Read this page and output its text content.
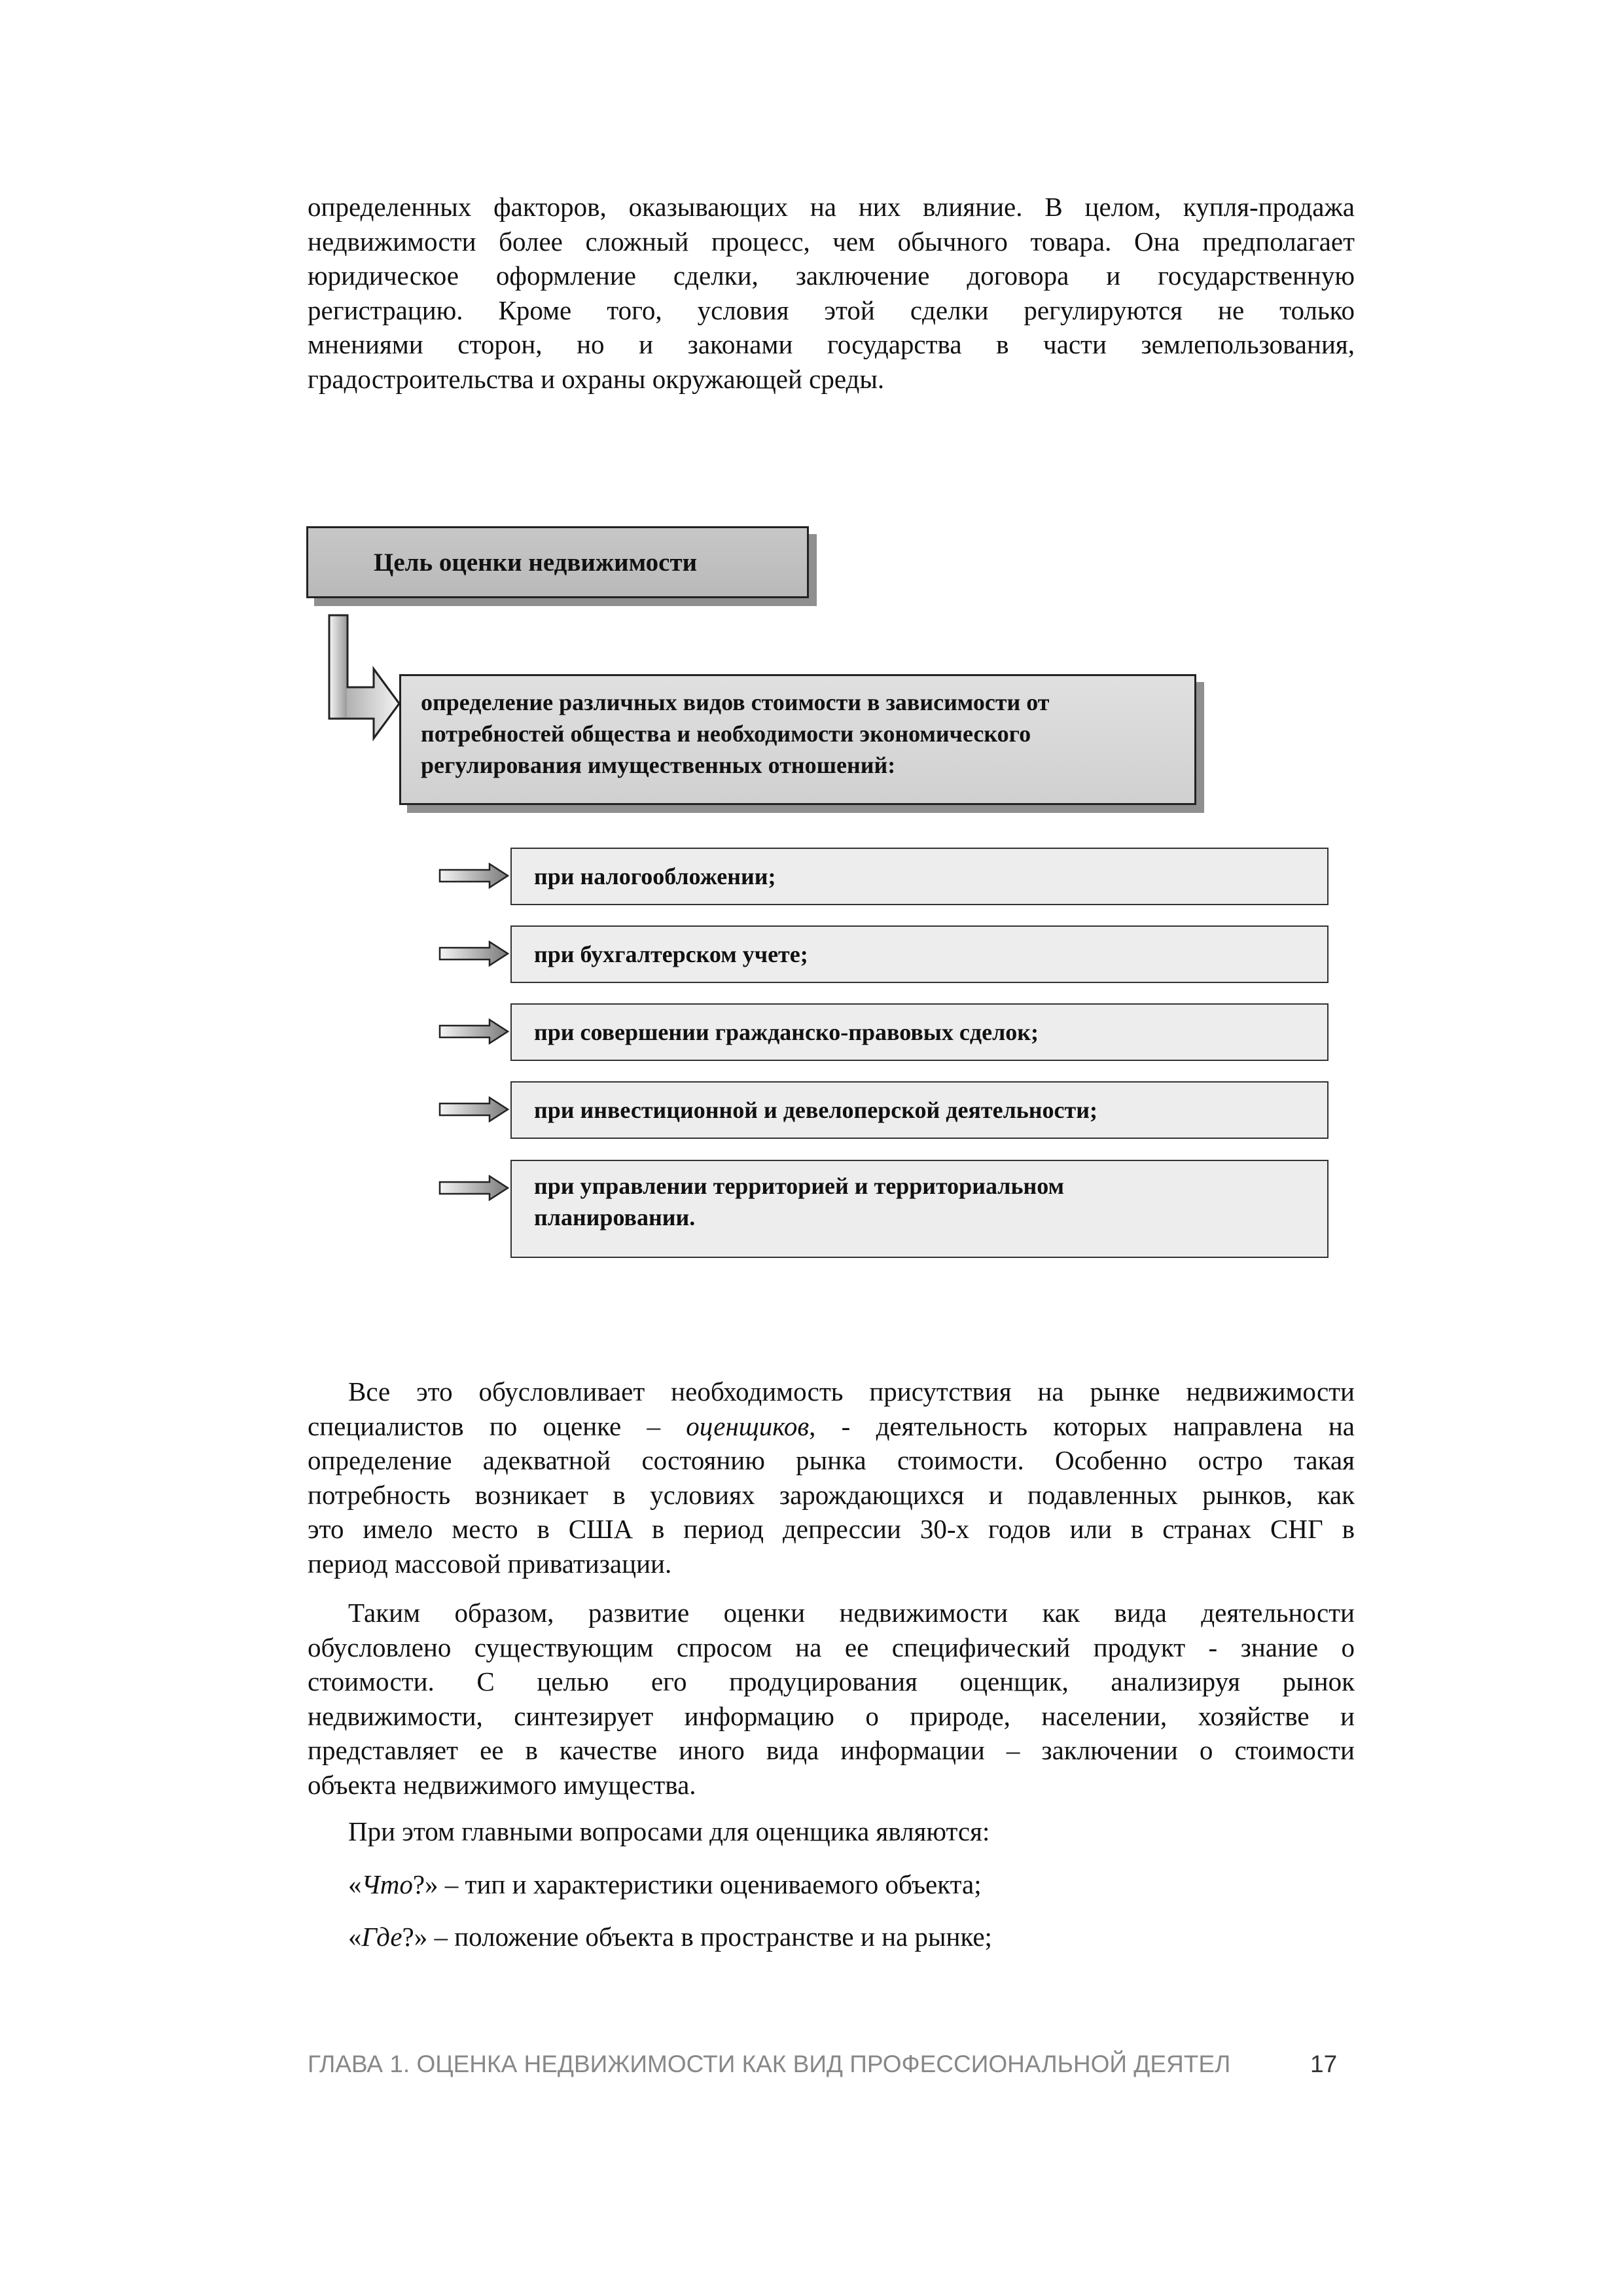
определенных факторов, оказывающих на них влияние. В целом, купля-продажа
недвижимости более сложный процесс, чем обычного товара. Она предполагает
юридическое оформление сделки, заключение договора и государственную
регистрацию. Кроме того, условия этой сделки регулируются не только
мнениями сторон, но и законами государства в части землепользования,
градостроительства и охраны окружающей среды.
Цель оценки недвижимости
определение различных видов стоимости в зависимости от
потребностей общества и необходимости экономического
регулирования имущественных отношений:
при налогообложении;
при бухгалтерском учете;
при совершении гражданско-правовых сделок;
при инвестиционной и девелоперской деятельности;
при управлении территорией и территориальном
планировании.
Все это обусловливает необходимость присутствия на рынке недвижимости
специалистов по оценке – оценщиков, - деятельность которых направлена на
определение адекватной состоянию рынка стоимости. Особенно остро такая
потребность возникает в условиях зарождающихся и подавленных рынков, как
это имело место в США в период депрессии 30-х годов или в странах СНГ в
период массовой приватизации.
Таким образом, развитие оценки недвижимости как вида деятельности
обусловлено существующим спросом на ее специфический продукт - знание о
стоимости. С целью его продуцирования оценщик, анализируя рынок
недвижимости, синтезирует информацию о природе, населении, хозяйстве и
представляет ее в качестве иного вида информации – заключении о стоимости
объекта недвижимого имущества.
При этом главными вопросами для оценщика являются:
«Что?» – тип и характеристики оцениваемого объекта;
«Где?» – положение объекта в пространстве и на рынке;
ГЛАВА 1. ОЦЕНКА НЕДВИЖИМОСТИ КАК ВИД ПРОФЕССИОНАЛЬНОЙ ДЕЯТЕЛ	17
